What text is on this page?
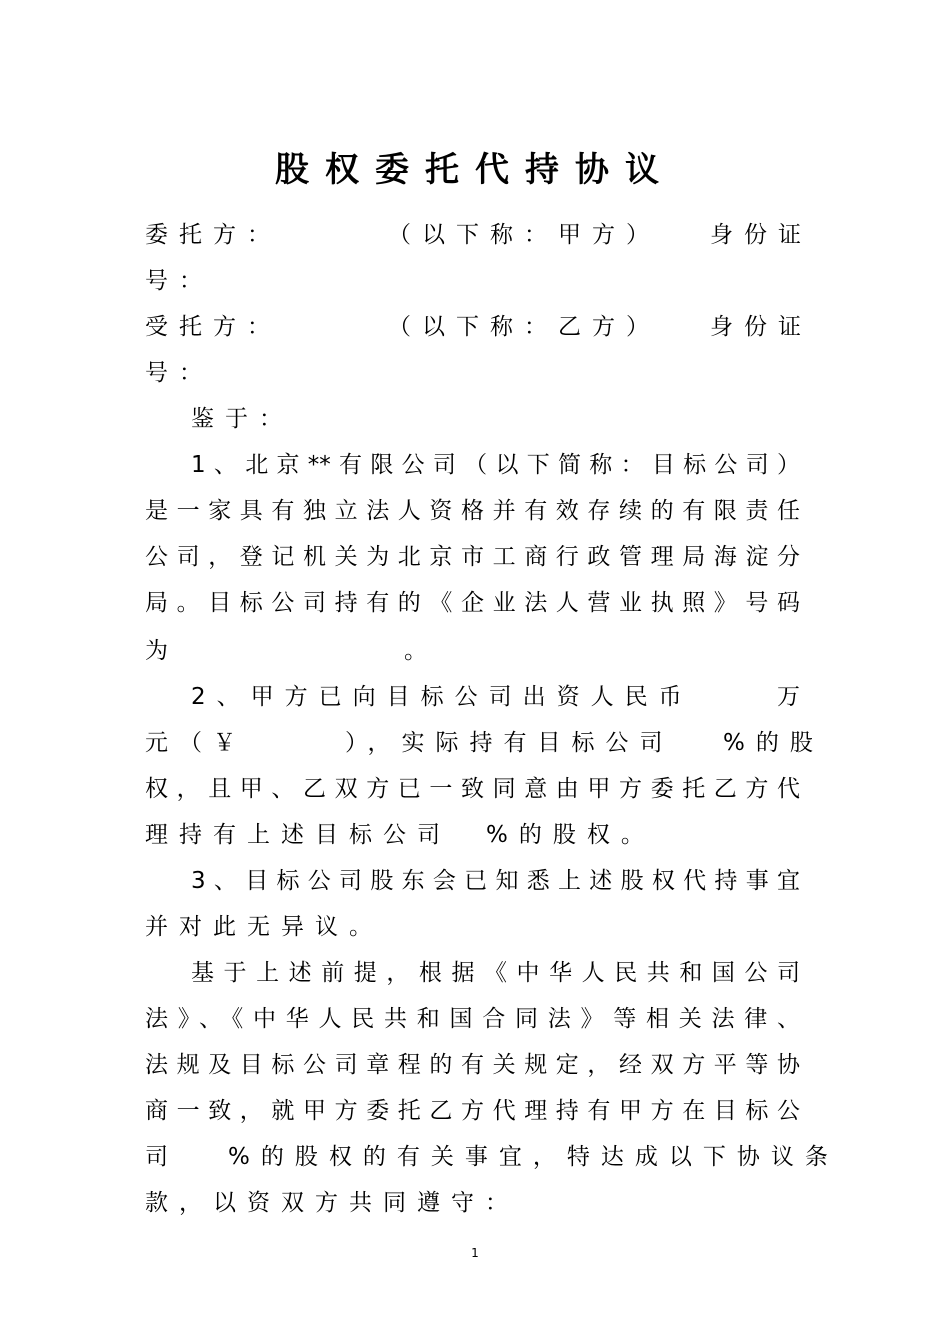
股权委托代持协议
委托方：	（以下称：甲方） 身份证
号：
受托方：	（以下称：乙方） 身份证
号：
鉴于：
1、北京**有限公司（以下简称：目标公司）
是一家具有独立法人资格并有效存续的有限责任
公司，登记机关为北京市工商行政管理局海淀分
局。目标公司持有的《企业法人营业执照》号码
为	。
2、甲方已向目标公司出资人民币	万
元（￥	），实际持有目标公司 %的股
权，且甲、乙双方已一致同意由甲方委托乙方代
理持有上述目标公司 %的股权。
3、目标公司股东会已知悉上述股权代持事宜
并对此无异议。
基于上述前提，根据《中华人民共和国公司
法》、《中华人民共和国合同法》等相关法律、
法规及目标公司章程的有关规定，经双方平等协
商一致，就甲方委托乙方代理持有甲方在目标公
司	%的股权的有关事宜，特达成以下协议条
款，以资双方共同遵守：
1
